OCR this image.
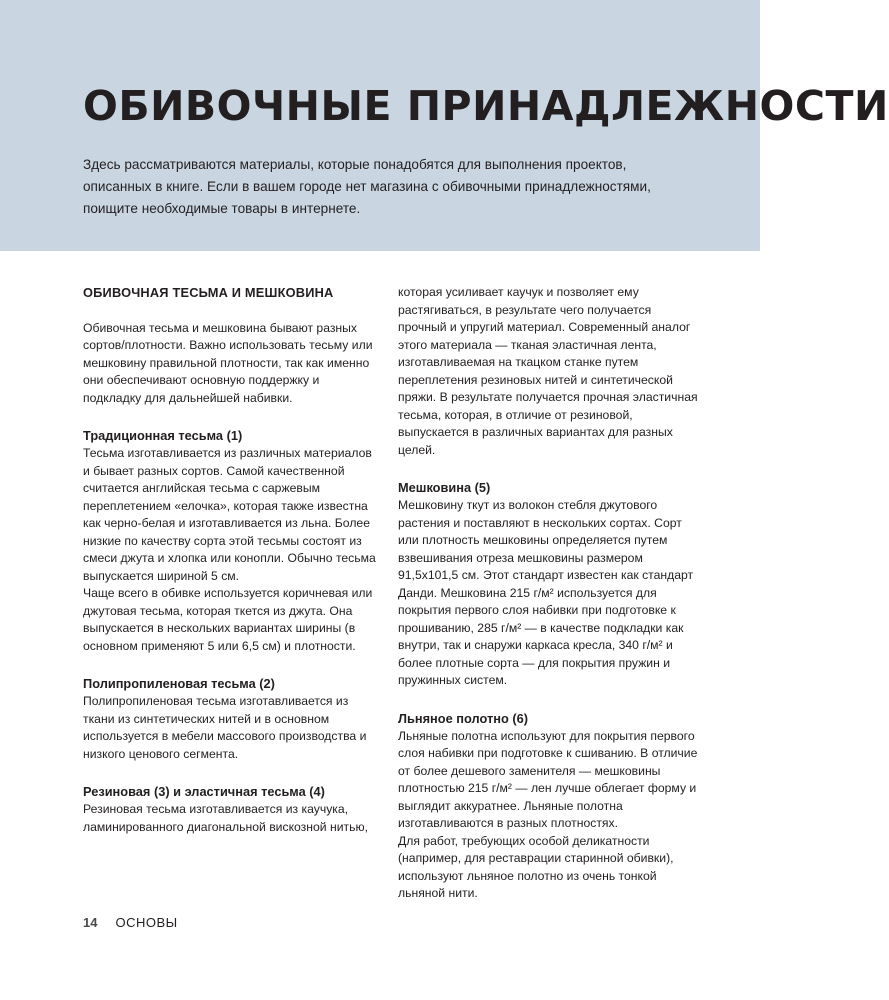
ОБИВОЧНЫЕ ПРИНАДЛЕЖНОСТИ

Здесь рассматриваются материалы, которые понадобятся для выполнения проектов, описанных в книге. Если в вашем городе нет магазина с обивочными принадлежностями, поищите необходимые товары в интернете.

ОБИВОЧНАЯ ТЕСЬМА И МЕШКОВИНА

Обивочная тесьма и мешковина бывают разных сортов/плотности. Важно использовать тесьму или мешковину правильной плотности, так как именно они обеспечивают основную поддержку и подкладку для дальнейшей набивки.

Традиционная тесьма (1)

Тесьма изготавливается из различных материалов и бывает разных сортов. Самой качественной считается английская тесьма с саржевым переплетением «елочка», которая также известна как черно-белая и изготавливается из льна. Более низкие по качеству сорта этой тесьмы состоят из смеси джута и хлопка или конопли. Обычно тесьма выпускается шириной 5 см.

Чаще всего в обивке используется коричневая или джутовая тесьма, которая ткется из джута. Она выпускается в нескольких вариантах ширины (в основном применяют 5 или 6,5 см) и плотности.

Полипропиленовая тесьма (2)

Полипропиленовая тесьма изготавливается из ткани из синтетических нитей и в основном используется в мебели массового производства и низкого ценового сегмента.

Резиновая (3) и эластичная тесьма (4)

Резиновая тесьма изготавливается из каучука, ламинированного диагональной вискозной нитью,

которая усиливает каучук и позволяет ему растягиваться, в результате чего получается прочный и упругий материал. Современный аналог этого материала — тканая эластичная лента, изготавливаемая на ткацком станке путем переплетения резиновых нитей и синтетической пряжи. В результате получается прочная эластичная тесьма, которая, в отличие от резиновой, выпускается в различных вариантах для разных целей.

Мешковина (5)

Мешковину ткут из волокон стебля джутового растения и поставляют в нескольких сортах. Сорт или плотность мешковины определяется путем взвешивания отреза мешковины размером 91,5х101,5 см. Этот стандарт известен как стандарт Данди. Мешковина 215 г/м² используется для покрытия первого слоя набивки при подготовке к прошиванию, 285 г/м² — в качестве подкладки как внутри, так и снаружи каркаса кресла, 340 г/м² и более плотные сорта — для покрытия пружин и пружинных систем.

Льняное полотно (6)

Льняные полотна используют для покрытия первого слоя набивки при подготовке к сшиванию. В отличие от более дешевого заменителя — мешковины плотностью 215 г/м² — лен лучше облегает форму и выглядит аккуратнее. Льняные полотна изготавливаются в разных плотностях.

Для работ, требующих особой деликатности (например, для реставрации старинной обивки), используют льняное полотно из очень тонкой льняной нити.

14 ОСНОВЫ
